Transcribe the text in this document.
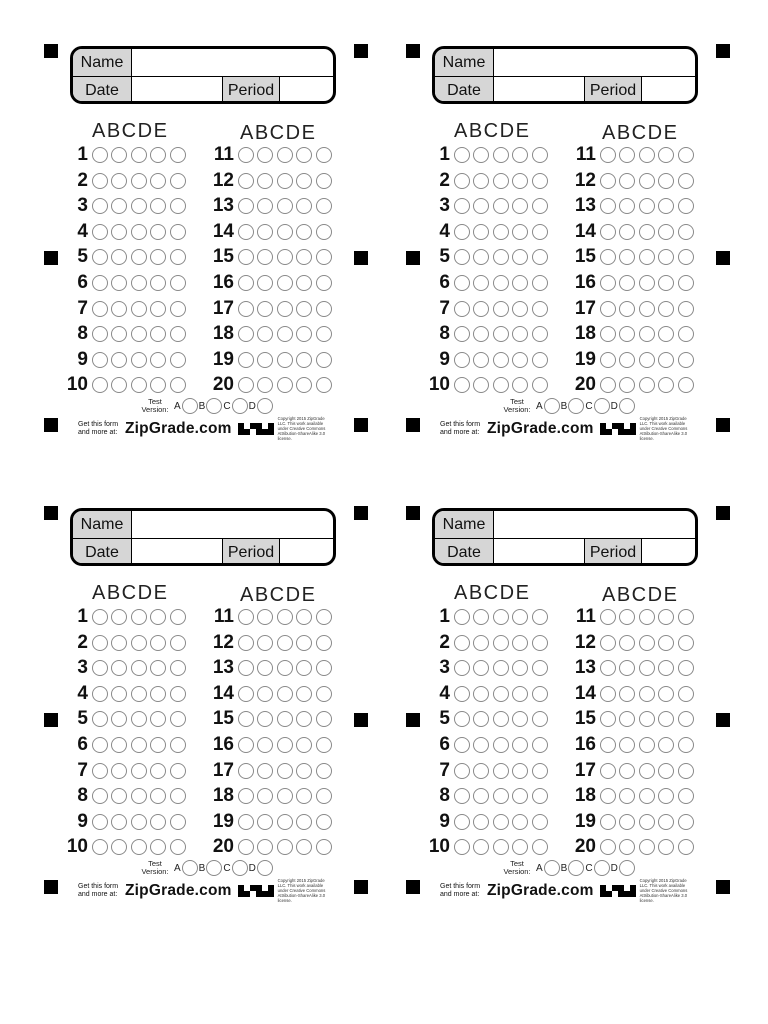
Name
Date	Period
ABCDE	ABCDE
1
2
3
4
5
6
7
8
9
10
11
12
13
14
15
16
17
18
19
20
Test Version: A B C D
Get this form and more at: ZipGrade.com
Copyright 2015 ZipGrade LLC. This work available under Creative Commons Attribution-ShareAlike 3.0 license.
Name
Date	Period
ABCDE	ABCDE
1
2
3
4
5
6
7
8
9
10
11
12
13
14
15
16
17
18
19
20
Test Version: A B C D
Get this form and more at: ZipGrade.com
Copyright 2015 ZipGrade LLC. This work available under Creative Commons Attribution-ShareAlike 3.0 license.
Name
Date	Period
ABCDE	ABCDE
1
2
3
4
5
6
7
8
9
10
11
12
13
14
15
16
17
18
19
20
Test Version: A B C D
Get this form and more at: ZipGrade.com
Copyright 2015 ZipGrade LLC. This work available under Creative Commons Attribution-ShareAlike 3.0 license.
Name
Date	Period
ABCDE	ABCDE
1
2
3
4
5
6
7
8
9
10
11
12
13
14
15
16
17
18
19
20
Test Version: A B C D
Get this form and more at: ZipGrade.com
Copyright 2015 ZipGrade LLC. This work available under Creative Commons Attribution-ShareAlike 3.0 license.
